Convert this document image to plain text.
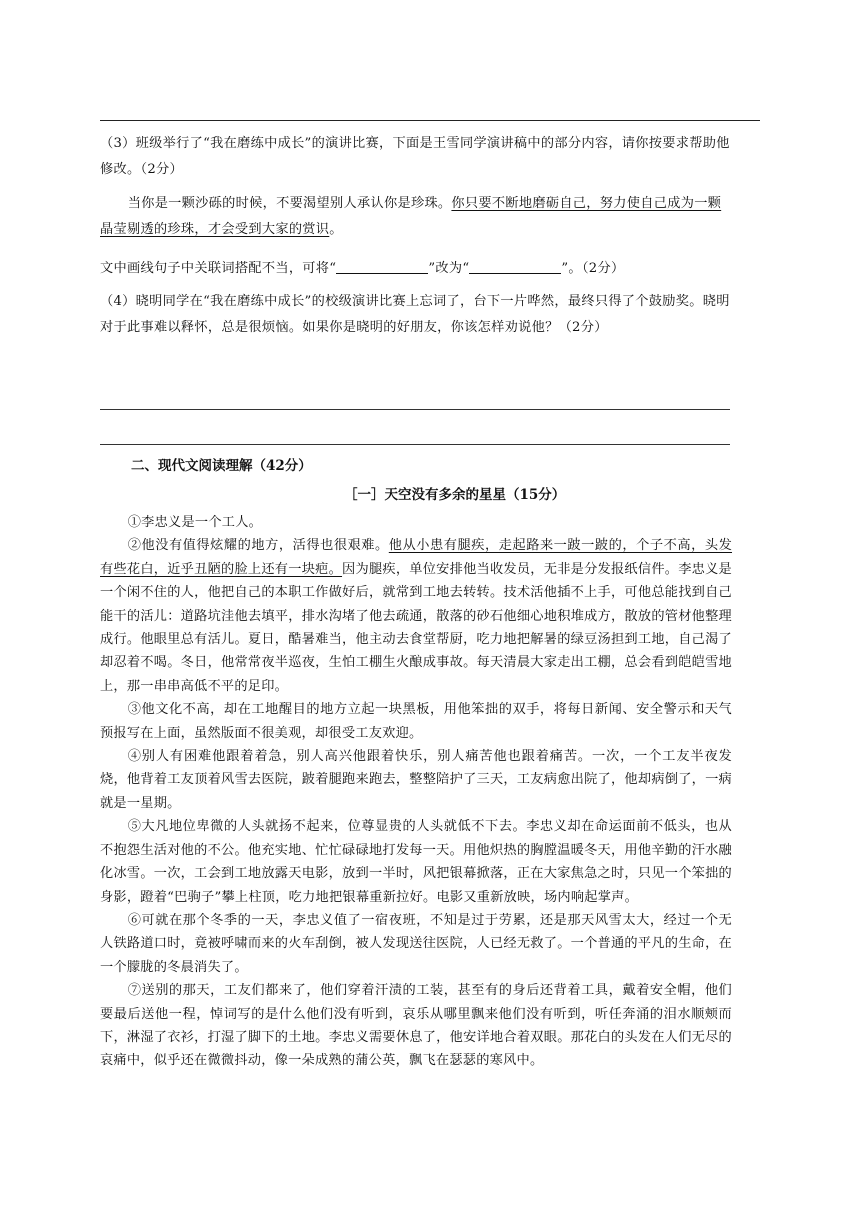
（3）班级举行了“我在磨练中成长”的演讲比赛，下面是王雪同学演讲稿中的部分内容，请你按要求帮助他修改。（2分）
当你是一颗沙砾的时候，不要渴望别人承认你是珍珠。你只要不断地磨砺自己，努力使自己成为一颗晶莹剔透的珍珠，才会受到大家的赏识。
文中画线句子中关联词搭配不当，可将“	”改为“	”。（2分）
（4）晓明同学在“我在磨练中成长”的校级演讲比赛上忘词了，台下一片哗然，最终只得了个鼓励奖。晓明对于此事难以释怀，总是很烦恼。如果你是晓明的好朋友，你该怎样劝说他？（2分）
二、现代文阅读理解（42分）
［一］天空没有多余的星星（15分）

①李忠义是一个工人。

②他没有值得炫耀的地方，活得也很艰难。他从小患有腿疾，走起路来一跛一跛的，个子不高，头发有些花白，近乎丑陋的脸上还有一块疤。因为腿疾，单位安排他当收发员，无非是分发报纸信件。李忠义是一个闲不住的人，他把自己的本职工作做好后，就常到工地去转转。技术活他插不上手，可他总能找到自己能干的活儿：道路坑洼他去填平，排水沟堵了他去疏通，散落的砂石他细心地积堆成方，散放的管材他整理成行。他眼里总有活儿。夏日，酷暑难当，他主动去食堂帮厨，吃力地把解暑的绿豆汤担到工地，自己渴了却忍着不喝。冬日，他常常夜半巡夜，生怕工棚生火酿成事故。每天清晨大家走出工棚，总会看到皑皑雪地上，那一串串高低不平的足印。

③他文化不高，却在工地醒目的地方立起一块黑板，用他笨拙的双手，将每日新闻、安全警示和天气预报写在上面，虽然版面不很美观，却很受工友欢迎。

④别人有困难他跟着着急，别人高兴他跟着快乐，别人痛苦他也跟着痛苦。一次，一个工友半夜发烧，他背着工友顶着风雪去医院，跛着腿跑来跑去，整整陪护了三天，工友病愈出院了，他却病倒了，一病就是一星期。

⑤大凡地位卑微的人头就扬不起来，位尊显贵的人头就低不下去。李忠义却在命运面前不低头，也从不抱怨生活对他的不公。他充实地、忙忙碌碌地打发每一天。用他炽热的胸膛温暖冬天，用他辛勤的汗水融化冰雪。一次，工会到工地放露天电影，放到一半时，风把银幕掀落，正在大家焦急之时，只见一个笨拙的身影，蹬着“巴驹子”攀上柱顶，吃力地把银幕重新拉好。电影又重新放映，场内响起掌声。

⑥可就在那个冬季的一天，李忠义值了一宿夜班，不知是过于劳累，还是那天风雪太大，经过一个无人铁路道口时，竟被呼啸而来的火车刮倒，被人发现送往医院，人已经无救了。一个普通的平凡的生命，在一个朦胧的冬晨消失了。

⑦送别的那天，工友们都来了，他们穿着汗渍的工装，甚至有的身后还背着工具，戴着安全帽，他们要最后送他一程，悼词写的是什么他们没有听到，哀乐从哪里飘来他们没有听到，听任奔涌的泪水顺颊而下，淋湿了衣衫，打湿了脚下的土地。李忠义需要休息了，他安详地合着双眼。那花白的头发在人们无尽的哀痛中，似乎还在微微抖动，像一朵成熟的蒲公英，飘飞在瑟瑟的寒风中。
